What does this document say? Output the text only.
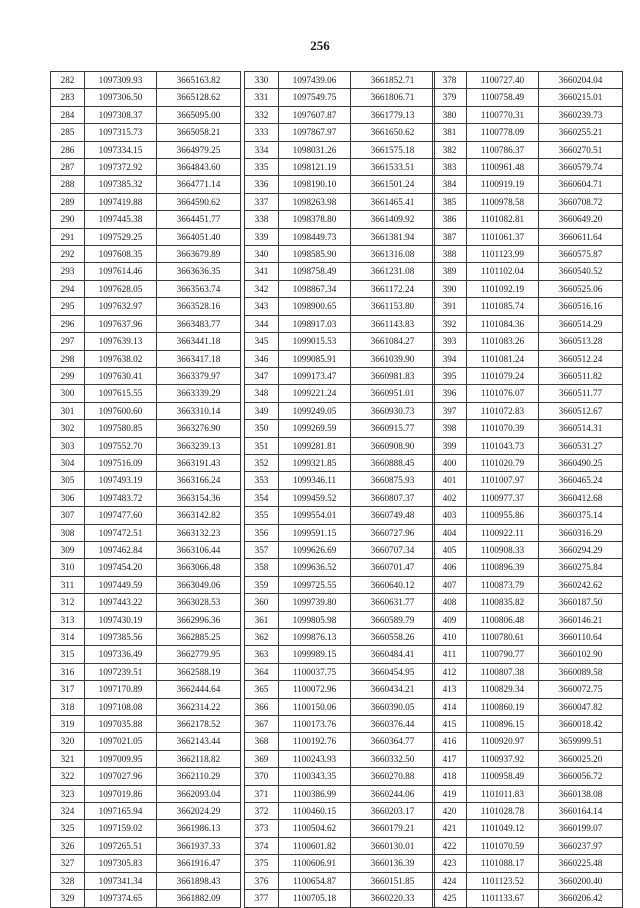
256
282	1097309.93	3665163.82
283	1097306.50	3665128.62
284	1097308.37	3665095.00
285	1097315.73	3665058.21
286	1097334.15	3664979.25
287	1097372.92	3664843.60
288	1097385.32	3664771.14
289	1097419.88	3664590.62
290	1097445.38	3664451.77
291	1097529.25	3664051.40
292	1097608.35	3663679.89
293	1097614.46	3663636.35
294	1097628.05	3663563.74
295	1097632.97	3663528.16
296	1097637.96	3663483.77
297	1097639.13	3663441.18
298	1097638.02	3663417.18
299	1097630.41	3663379.97
300	1097615.55	3663339.29
301	1097600.60	3663310.14
302	1097580.85	3663276.90
303	1097552.70	3663239.13
304	1097516.09	3663191.43
305	1097493.19	3663166.24
306	1097483.72	3663154.36
307	1097477.60	3663142.82
308	1097472.51	3663132.23
309	1097462.84	3663106.44
310	1097454.20	3663066.48
311	1097449.59	3663049.06
312	1097443.22	3663028.53
313	1097430.19	3662996.36
314	1097385.56	3662885.25
315	1097336.49	3662779.95
316	1097239.51	3662588.19
317	1097170.89	3662444.64
318	1097108.08	3662314.22
319	1097035.88	3662178.52
320	1097021.05	3662143.44
321	1097009.95	3662118.82
322	1097027.96	3662110.29
323	1097019.86	3662093.04
324	1097165.94	3662024.29
325	1097159.02	3661986.13
326	1097265.51	3661937.33
327	1097305.83	3661916.47
328	1097341.34	3661898.43
329	1097374.65	3661882.09
330	1097439.06	3661852.71
331	1097549.75	3661806.71
332	1097607.87	3661779.13
333	1097867.97	3661650.62
334	1098031.26	3661575.18
335	1098121.19	3661533.51
336	1098190.10	3661501.24
337	1098263.98	3661465.41
338	1098378.80	3661409.92
339	1098449.73	3661381.94
340	1098585.90	3661316.08
341	1098758.49	3661231.08
342	1098867.34	3661172.24
343	1098900.65	3661153.80
344	1098917.03	3661143.83
345	1099015.53	3661084.27
346	1099085.91	3661039.90
347	1099173.47	3660981.83
348	1099221.24	3660951.01
349	1099249.05	3660930.73
350	1099269.59	3660915.77
351	1099281.81	3660908.90
352	1099321.85	3660888.45
353	1099346.11	3660875.93
354	1099459.52	3660807.37
355	1099554.01	3660749.48
356	1099591.15	3660727.96
357	1099626.69	3660707.34
358	1099636.52	3660701.47
359	1099725.55	3660640.12
360	1099739.80	3660631.77
361	1099805.98	3660589.79
362	1099876.13	3660558.26
363	1099989.15	3660484.41
364	1100037.75	3660454.95
365	1100072.96	3660434.21
366	1100150.06	3660390.05
367	1100173.76	3660376.44
368	1100192.76	3660364.77
369	1100243.93	3660332.50
370	1100343.35	3660270.88
371	1100386.99	3660244.06
372	1100460.15	3660203.17
373	1100504.62	3660179.21
374	1100601.82	3660130.01
375	1100606.91	3660136.39
376	1100654.87	3660151.85
377	1100705.18	3660220.33
378	1100727.40	3660204.04
379	1100758.49	3660215.01
380	1100770.31	3660239.73
381	1100778.09	3660255.21
382	1100786.37	3660270.51
383	1100961.48	3660579.74
384	1100919.19	3660604.71
385	1100978.58	3660708.72
386	1101082.81	3660649.20
387	1101061.37	3660611.64
388	1101123.99	3660575.87
389	1101102.04	3660540.52
390	1101092.19	3660525.06
391	1101085.74	3660516.16
392	1101084.36	3660514.29
393	1101083.26	3660513.28
394	1101081.24	3660512.24
395	1101079.24	3660511.82
396	1101076.07	3660511.77
397	1101072.83	3660512.67
398	1101070.39	3660514.31
399	1101043.73	3660531.27
400	1101020.79	3660490.25
401	1101007.97	3660465.24
402	1100977.37	3660412.68
403	1100955.86	3660375.14
404	1100922.11	3660316.29
405	1100908.33	3660294.29
406	1100896.39	3660275.84
407	1100873.79	3660242.62
408	1100835.82	3660187.50
409	1100806.48	3660146.21
410	1100780.61	3660110.64
411	1100790.77	3660102.90
412	1100807.38	3660089.58
413	1100829.34	3660072.75
414	1100860.19	3660047.82
415	1100896.15	3660018.42
416	1100920.97	3659999.51
417	1100937.92	3660025.20
418	1100958.49	3660056.72
419	1101011.83	3660138.08
420	1101028.78	3660164.14
421	1101049.12	3660199.07
422	1101070.59	3660237.97
423	1101088.17	3660225.48
424	1101123.52	3660200.40
425	1101133.67	3660206.42
